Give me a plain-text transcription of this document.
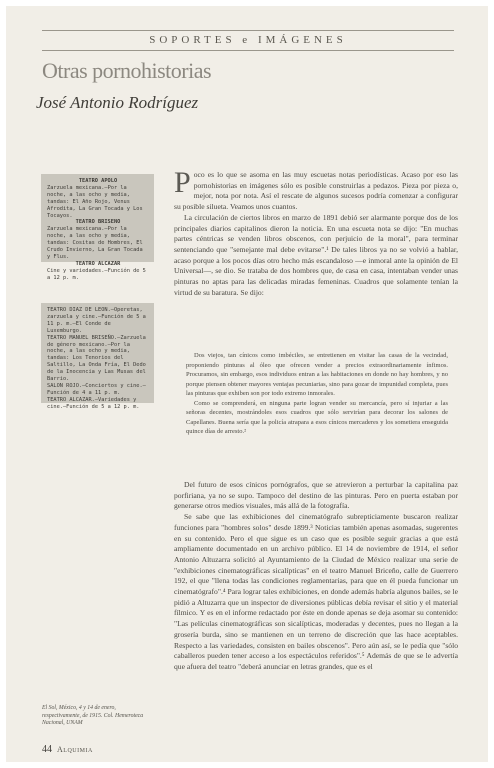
SOPORTES e IMÁGENES
Otras pornohistorias
José Antonio Rodríguez

TEATRO APOLO

Zarzuela mexicana.—Por la noche, a las ocho y media, tandas: El Año Rojo, Venus Afrodita, La Gran Tocada y Los Tocayos.

TEATRO BRISENO

Zarzuela mexicana.—Por la noche, a las ocho y media, tandas: Cositas de Hombres, El Crudo Invierno, La Gran Tocada y Flus.

TEATRO ALCAZAR

Cine y variedades.—Función de 5 a 12 p. m.

TEATRO DIAZ DE LEON.—Operetas, zarzuela y cine.—Función de 5 a 11 p. m.—El Conde de Luxemburgo.

TEATRO MANUEL BRISEÑO.—Zarzuela de género mexicano.—Por la noche, a las ocho y media, tandas: Los Tenorios del Saltillo, La Onda Fría, El Dedo de la Inocencia y Las Musas del Barrio.

SALON ROJO.—Conciertos y cine.—Función de 4 a 11 p. m.

TEATRO ALCAZAR.—Variedades y cine.—Función de 5 a 12 p. m.

Poco es lo que se asoma en las muy escuetas notas periodísticas. Acaso por eso las pornohistorias en imágenes sólo es posible construirlas a pedazos. Pieza por pieza o, mejor, nota por nota. Así el rescate de algunos sucesos podría comenzar a configurar su posible silueta. Veamos unos cuantos.

La circulación de ciertos libros en marzo de 1891 debió ser alarmante porque dos de los principales diarios capitalinos dieron la noticia. En una escueta nota se dijo: "En muchas partes céntricas se venden libros obscenos, con perjuicio de la moral", para terminar sentenciando que "semejante mal debe evitarse".¹ De tales libros ya no se volvió a hablar, acaso porque a los pocos días otro hecho más escandaloso —e inmoral ante la opinión de El Universal—, se dio. Se trataba de dos hombres que, de casa en casa, intentaban vender unas pinturas no aptas para las delicadas miradas femeninas. Cuadros que solamente tenían la virtud de su baratura. Se dijo:

Dos viejos, tan cínicos como imbéciles, se entretienen en visitar las casas de la vecindad, proponiendo pinturas al óleo que ofrecen vender a precios extraordinariamente ínfimos. Procuramos, sin embargo, esos individuos entran a las habitaciones en donde no hay hombres, y no porque piensen obtener mayores ventajas pecuniarias, sino para gozar de impunidad completa, pues las pinturas que exhiben son por todo extremo inmorales.

Como se comprenderá, en ninguna parte logran vender su mercancía, pero sí injuriar a las señoras decentes, mostrándoles esos cuadros que sólo servirían para decorar los salones de Capellanes. Buena sería que la policía atrapara a esos cínicos mercaderes y los sometiera enseguida quince días de arresto.²

Del futuro de esos cínicos pornógrafos, que se atrevieron a perturbar la capitalina paz porfiriana, ya no se supo. Tampoco del destino de las pinturas. Pero en puerta estaban por generarse otros medios visuales, más allá de la fotografía.

Se sabe que las exhibiciones del cinematógrafo subrepticiamente buscaron realizar funciones para "hombres solos" desde 1899.³ Noticias también apenas asomadas, sugerentes en su contenido. Pero el que sigue es un caso que es posible seguir gracias a que está ampliamente documentado en un archivo público. El 14 de noviembre de 1914, el señor Antonio Altuzarra solicitó al Ayuntamiento de la Ciudad de México realizar una serie de "exhibiciones cinematográficas sicalípticas" en el teatro Manuel Briceño, calle de Guerrero 192, el que "llena todas las condiciones reglamentarias, para que en él pueda funcionar un cinematógrafo".⁴ Para lograr tales exhibiciones, en donde además habría algunos bailes, se le pidió a Altuzarra que un inspector de diversiones públicas debía revisar el sitio y el material fílmico. Y es en el informe redactado por éste en donde apenas se deja asomar su contenido: "Las películas cinematográficas son sicalípticas, moderadas y decentes, pues no llegan a la grosería burda, sino se mantienen en un terreno de discreción que las hace aceptables. Respecto a las variedades, consisten en bailes obscenos". Pero aún así, se le pedía que "sólo caballeros pueden tener acceso a los espectáculos referidos".⁵ Además de que se le advertía que afuera del teatro "deberá anunciar en letras grandes, que es el

El Sol, México, 4 y 14 de enero, respectivamente, de 1915. Col. Hemeroteca Nacional, UNAM
44 Alquimia
